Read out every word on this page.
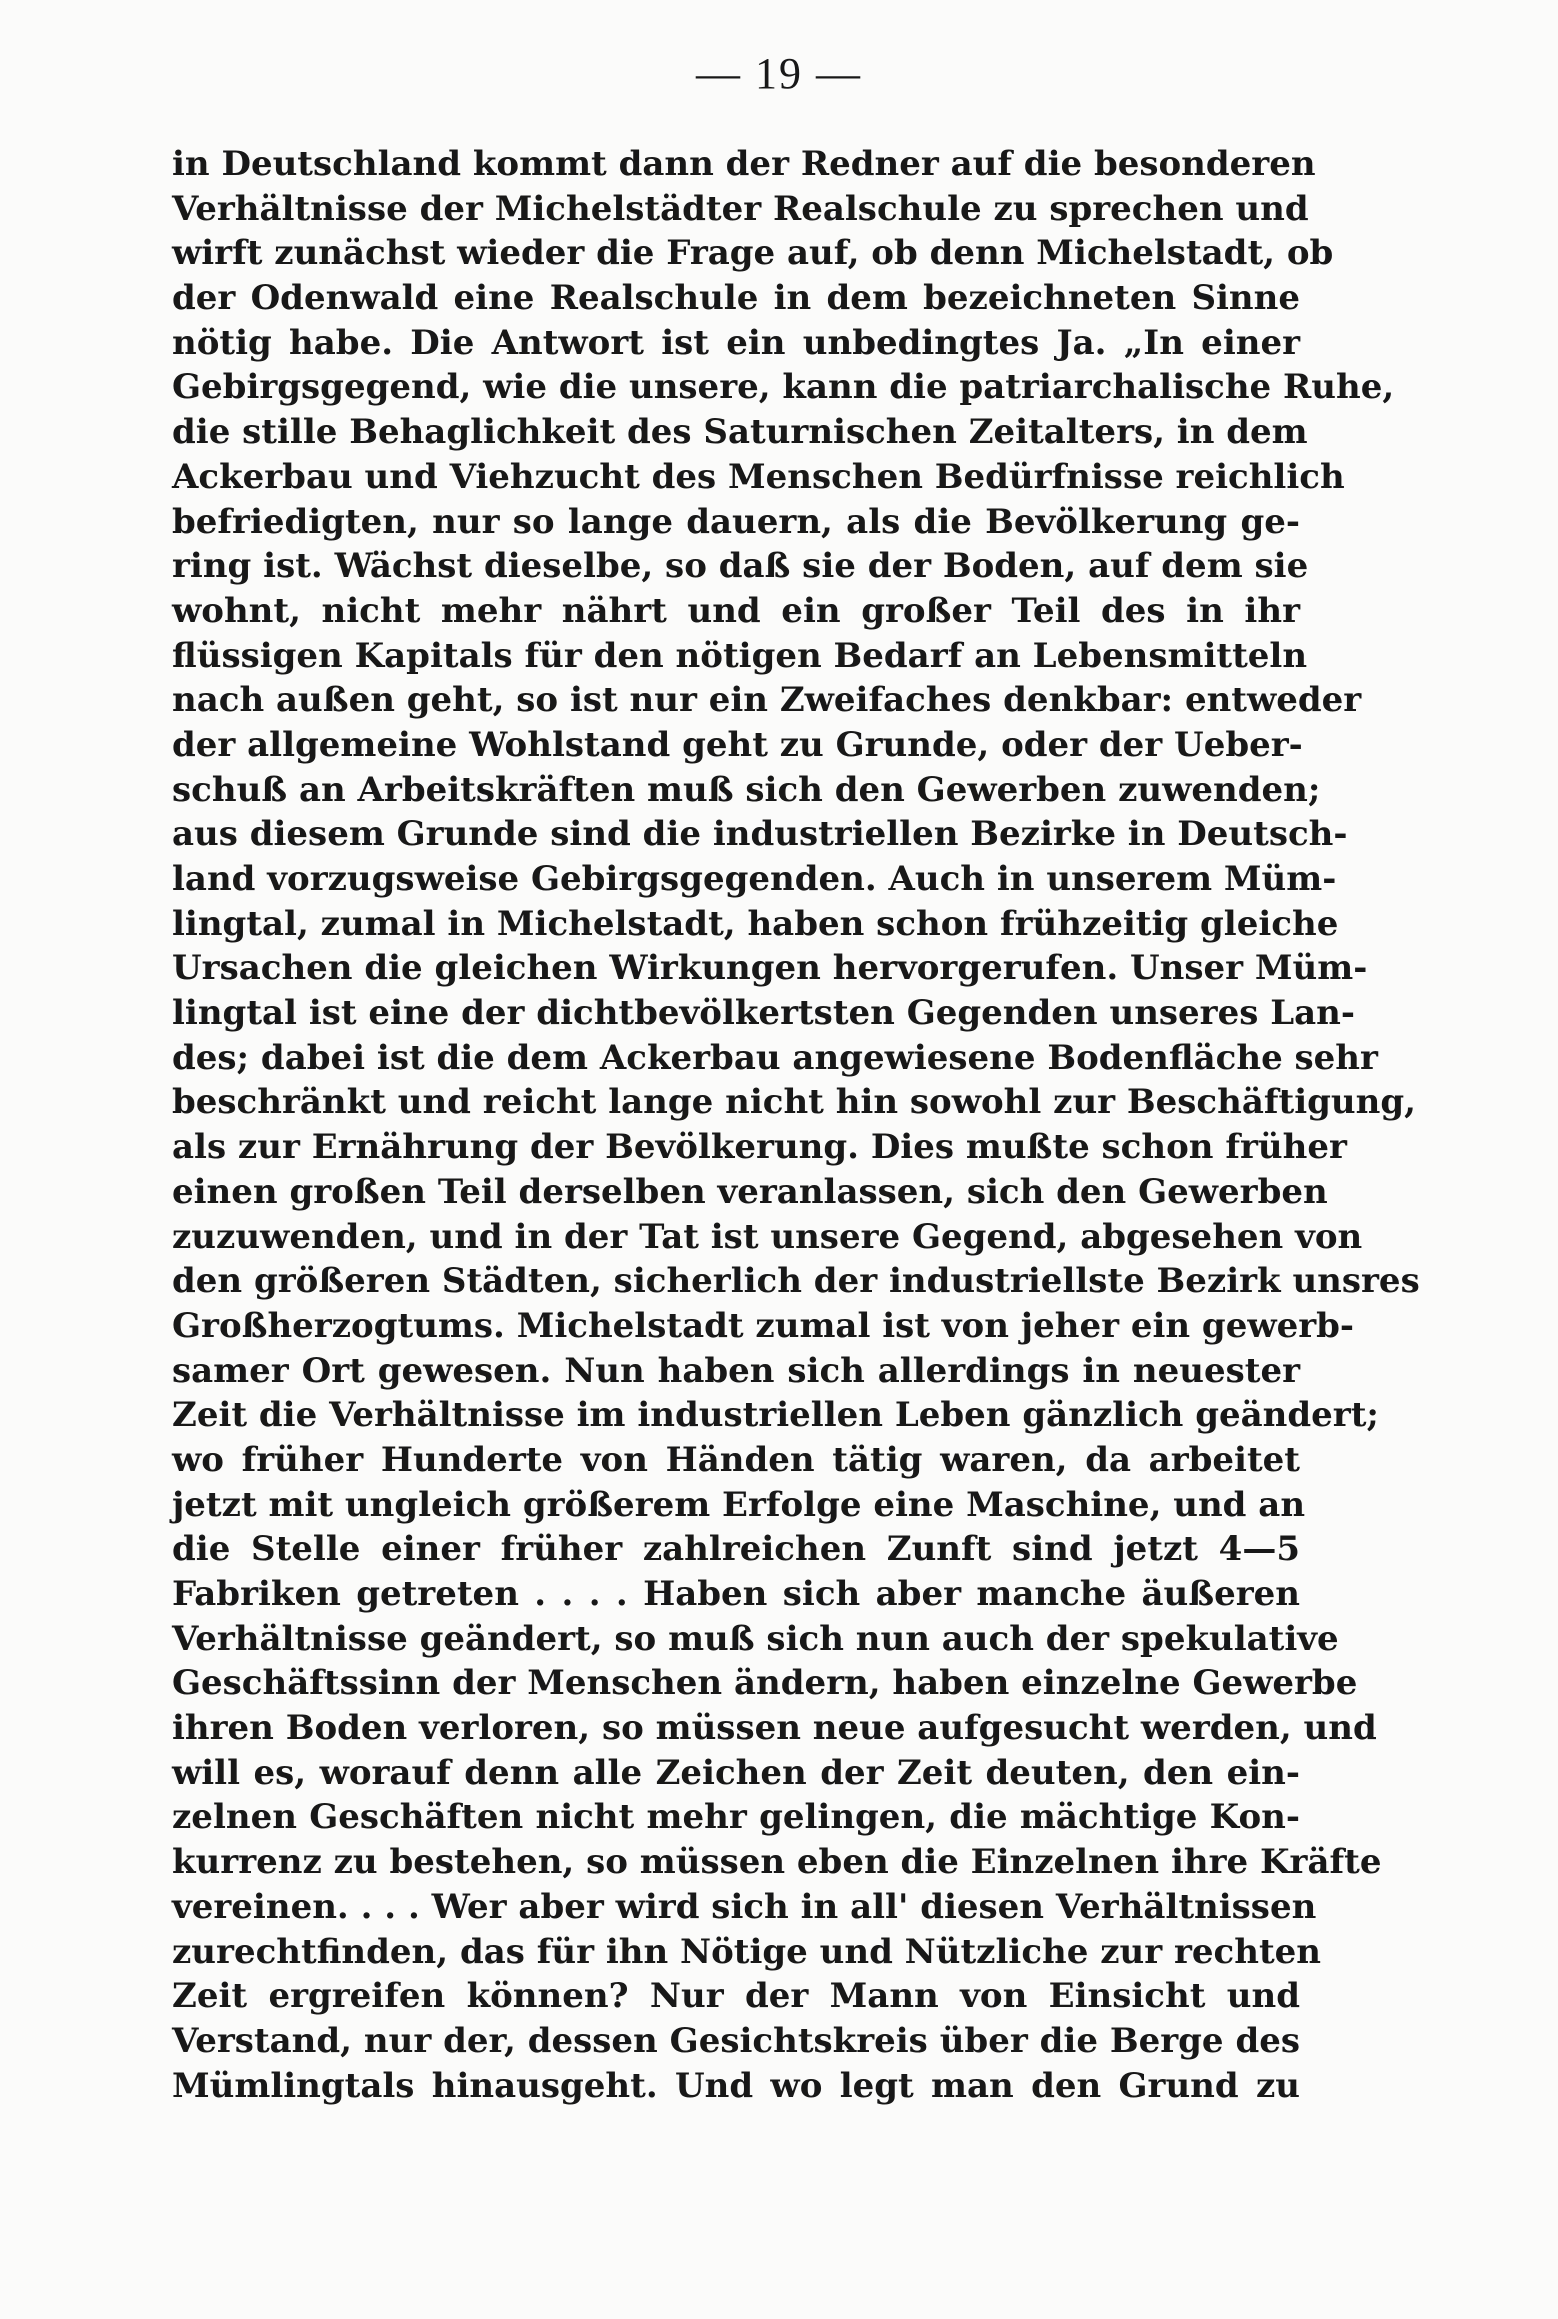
— 19 —
in Deutschland kommt dann der Redner auf die besonderen
Verhältnisse der Michelstädter Realschule zu sprechen und
wirft zunächst wieder die Frage auf, ob denn Michelstadt, ob
der Odenwald eine Realschule in dem bezeichneten Sinne
nötig habe. Die Antwort ist ein unbedingtes Ja. „In einer
Gebirgsgegend, wie die unsere, kann die patriarchalische Ruhe,
die stille Behaglichkeit des Saturnischen Zeitalters, in dem
Ackerbau und Viehzucht des Menschen Bedürfnisse reichlich
befriedigten, nur so lange dauern, als die Bevölkerung ge-
ring ist. Wächst dieselbe, so daß sie der Boden, auf dem sie
wohnt, nicht mehr nährt und ein großer Teil des in ihr
flüssigen Kapitals für den nötigen Bedarf an Lebensmitteln
nach außen geht, so ist nur ein Zweifaches denkbar: entweder
der allgemeine Wohlstand geht zu Grunde, oder der Ueber-
schuß an Arbeitskräften muß sich den Gewerben zuwenden;
aus diesem Grunde sind die industriellen Bezirke in Deutsch-
land vorzugsweise Gebirgsgegenden. Auch in unserem Müm-
lingtal, zumal in Michelstadt, haben schon frühzeitig gleiche
Ursachen die gleichen Wirkungen hervorgerufen. Unser Müm-
lingtal ist eine der dichtbevölkertsten Gegenden unseres Lan-
des; dabei ist die dem Ackerbau angewiesene Bodenfläche sehr
beschränkt und reicht lange nicht hin sowohl zur Beschäftigung,
als zur Ernährung der Bevölkerung. Dies mußte schon früher
einen großen Teil derselben veranlassen, sich den Gewerben
zuzuwenden, und in der Tat ist unsere Gegend, abgesehen von
den größeren Städten, sicherlich der industriellste Bezirk unsres
Großherzogtums. Michelstadt zumal ist von jeher ein gewerb-
samer Ort gewesen. Nun haben sich allerdings in neuester
Zeit die Verhältnisse im industriellen Leben gänzlich geändert;
wo früher Hunderte von Händen tätig waren, da arbeitet
jetzt mit ungleich größerem Erfolge eine Maschine, und an
die Stelle einer früher zahlreichen Zunft sind jetzt 4—5
Fabriken getreten . . . . Haben sich aber manche äußeren
Verhältnisse geändert, so muß sich nun auch der spekulative
Geschäftssinn der Menschen ändern, haben einzelne Gewerbe
ihren Boden verloren, so müssen neue aufgesucht werden, und
will es, worauf denn alle Zeichen der Zeit deuten, den ein-
zelnen Geschäften nicht mehr gelingen, die mächtige Kon-
kurrenz zu bestehen, so müssen eben die Einzelnen ihre Kräfte
vereinen. . . . Wer aber wird sich in all' diesen Verhältnissen
zurechtfinden, das für ihn Nötige und Nützliche zur rechten
Zeit ergreifen können? Nur der Mann von Einsicht und
Verstand, nur der, dessen Gesichtskreis über die Berge des
Mümlingtals hinausgeht. Und wo legt man den Grund zu
